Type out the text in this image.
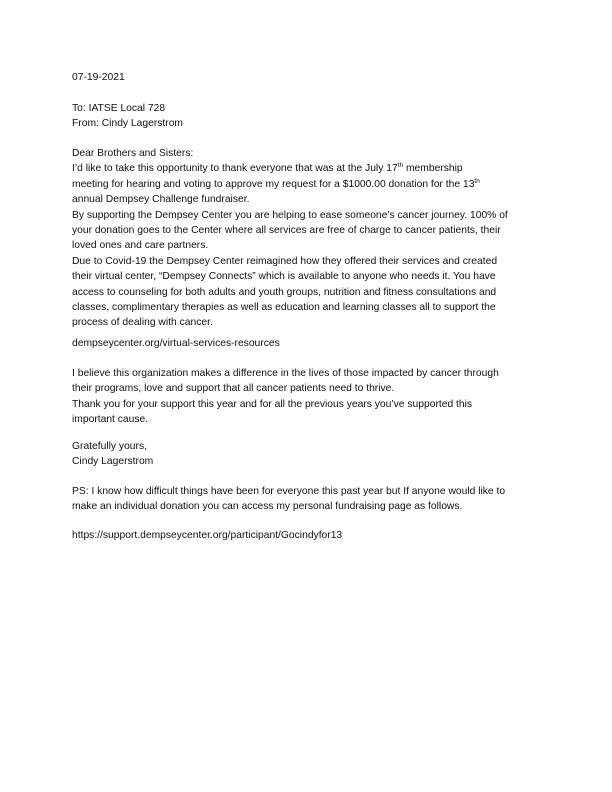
07-19-2021
To: IATSE Local 728
From: Cindy Lagerstrom
Dear Brothers and Sisters:
I’d like to take this opportunity to thank everyone that was at the July 17th membership
meeting for hearing and voting to approve my request for a $1000.00 donation for the 13th
annual Dempsey Challenge fundraiser.
By supporting the Dempsey Center you are helping to ease someone’s cancer journey. 100% of
your donation goes to the Center where all services are free of charge to cancer patients, their
loved ones and care partners.
Due to Covid-19 the Dempsey Center reimagined how they offered their services and created
their virtual center, “Dempsey Connects” which is available to anyone who needs it. You have
access to counseling for both adults and youth groups, nutrition and fitness consultations and
classes, complimentary therapies as well as education and learning classes all to support the
process of dealing with cancer.
dempseycenter.org/virtual-services-resources
I believe this organization makes a difference in the lives of those impacted by cancer through
their programs, love and support that all cancer patients need to thrive.
Thank you for your support this year and for all the previous years you’ve supported this
important cause.
Gratefully yours,
Cindy Lagerstrom
PS: I know how difficult things have been for everyone this past year but If anyone would like to
make an individual donation you can access my personal fundraising page as follows.
https://support.dempseycenter.org/participant/Gocindyfor13
